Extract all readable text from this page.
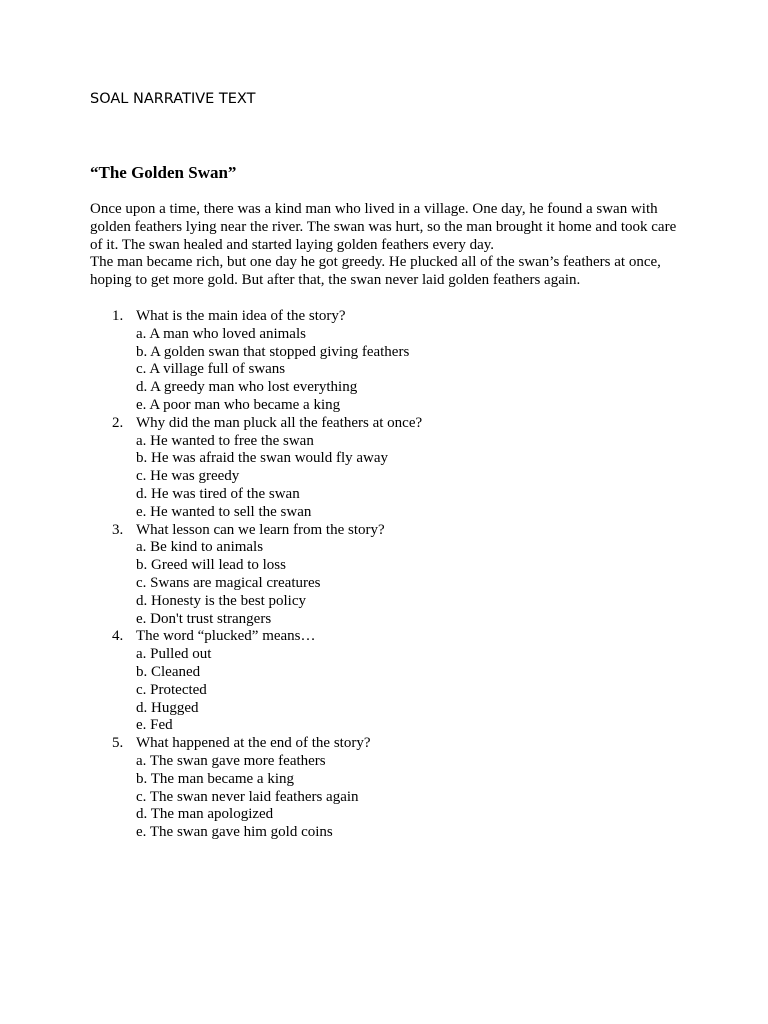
SOAL NARRATIVE TEXT
“The Golden Swan”

Once upon a time, there was a kind man who lived in a village. One day, he found a swan with golden feathers lying near the river. The swan was hurt, so the man brought it home and took care of it. The swan healed and started laying golden feathers every day.

The man became rich, but one day he got greedy. He plucked all of the swan’s feathers at once, hoping to get more gold. But after that, the swan never laid golden feathers again.

1. What is the main idea of the story?
a. A man who loved animals
b. A golden swan that stopped giving feathers
c. A village full of swans
d. A greedy man who lost everything
e. A poor man who became a king
2. Why did the man pluck all the feathers at once?
a. He wanted to free the swan
b. He was afraid the swan would fly away
c. He was greedy
d. He was tired of the swan
e. He wanted to sell the swan
3. What lesson can we learn from the story?
a. Be kind to animals
b. Greed will lead to loss
c. Swans are magical creatures
d. Honesty is the best policy
e. Don't trust strangers
4. The word “plucked” means…
a. Pulled out
b. Cleaned
c. Protected
d. Hugged
e. Fed
5. What happened at the end of the story?
a. The swan gave more feathers
b. The man became a king
c. The swan never laid feathers again
d. The man apologized
e. The swan gave him gold coins
